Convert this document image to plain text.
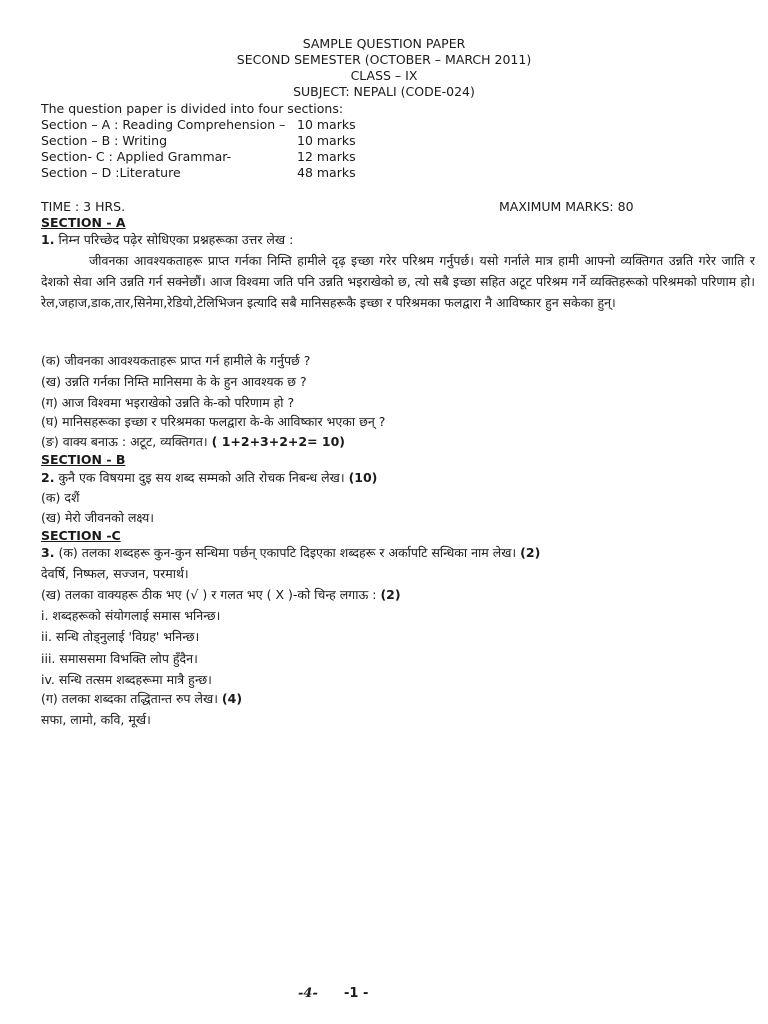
SAMPLE QUESTION PAPER
SECOND SEMESTER (OCTOBER – MARCH 2011)
CLASS – IX
SUBJECT: NEPALI (CODE-024)
The question paper is divided into four sections:
Section – A : Reading Comprehension – 10 marks
Section – B : Writing	10 marks
Section- C : Applied Grammar-	12 marks
Section – D :Literature	48 marks
TIME : 3 HRS.	MAXIMUM MARKS: 80
SECTION - A
1. निम्न परिच्छेद पढ़ेर सोधिएका प्रश्नहरूका उत्तर लेख :
जीवनका आवश्यकताहरू प्राप्त गर्नका निम्ति हामीले दृढ़ इच्छा गरेर परिश्रम गर्नुपर्छ। यसो गर्नाले मात्र हामी आफ्नो व्यक्तिगत उन्नति गरेर जाति र देशको सेवा अनि उन्नति गर्न सक्नेछौं। आज विश्वमा जति पनि उन्नति भइराखेको छ, त्यो सबै इच्छा सहित अटूट परिश्रम गर्ने व्यक्तिहरूको परिश्रमको परिणाम हो। रेल,जहाज,डाक,तार,सिनेमा,रेडियो,टेलिभिजन इत्यादि सबै मानिसहरूकै इच्छा र परिश्रमका फलद्वारा नै आविष्कार हुन सकेका हुन्।
(क) जीवनका आवश्यकताहरू प्राप्त गर्न हामीले के गर्नुपर्छ ?
(ख) उन्नति गर्नका निम्ति मानिसमा के के हुन आवश्यक छ ?
(ग) आज विश्वमा भइराखेको उन्नति के-को परिणाम हो ?
(घ) मानिसहरूका इच्छा र परिश्रमका फलद्वारा के-के आविष्कार भएका छन् ?
(ङ) वाक्य बनाऊ : अटूट, व्यक्तिगत। ( 1+2+3+2+2= 10)
SECTION - B
2. कुनै एक विषयमा दुइ सय शब्द सम्मको अति रोचक निबन्ध लेख। (10)
(क) दशैं
(ख) मेरो जीवनको लक्ष्य।
SECTION -C
3. (क) तलका शब्दहरू कुन-कुन सन्धिमा पर्छन् एकापटि दिइएका शब्दहरू र अर्कापटि सन्धिका नाम लेख। (2)
देवर्षि, निष्फल, सज्जन, परमार्थ।
(ख) तलका वाक्यहरू ठीक भए (√ ) र गलत भए ( X )-को चिन्ह लगाऊ : (2)
i. शब्दहरूको संयोगलाई समास भनिन्छ।
ii. सन्धि तोड्नुलाई 'विग्रह' भनिन्छ।
iii. समाससमा विभक्ति लोप हुँदैन।
iv. सन्धि तत्सम शब्दहरूमा मात्रै हुन्छ।
(ग) तलका शब्दका तद्धितान्त रुप लेख। (4)
सफा, लामो, कवि, मूर्ख।
-4- -1 -
